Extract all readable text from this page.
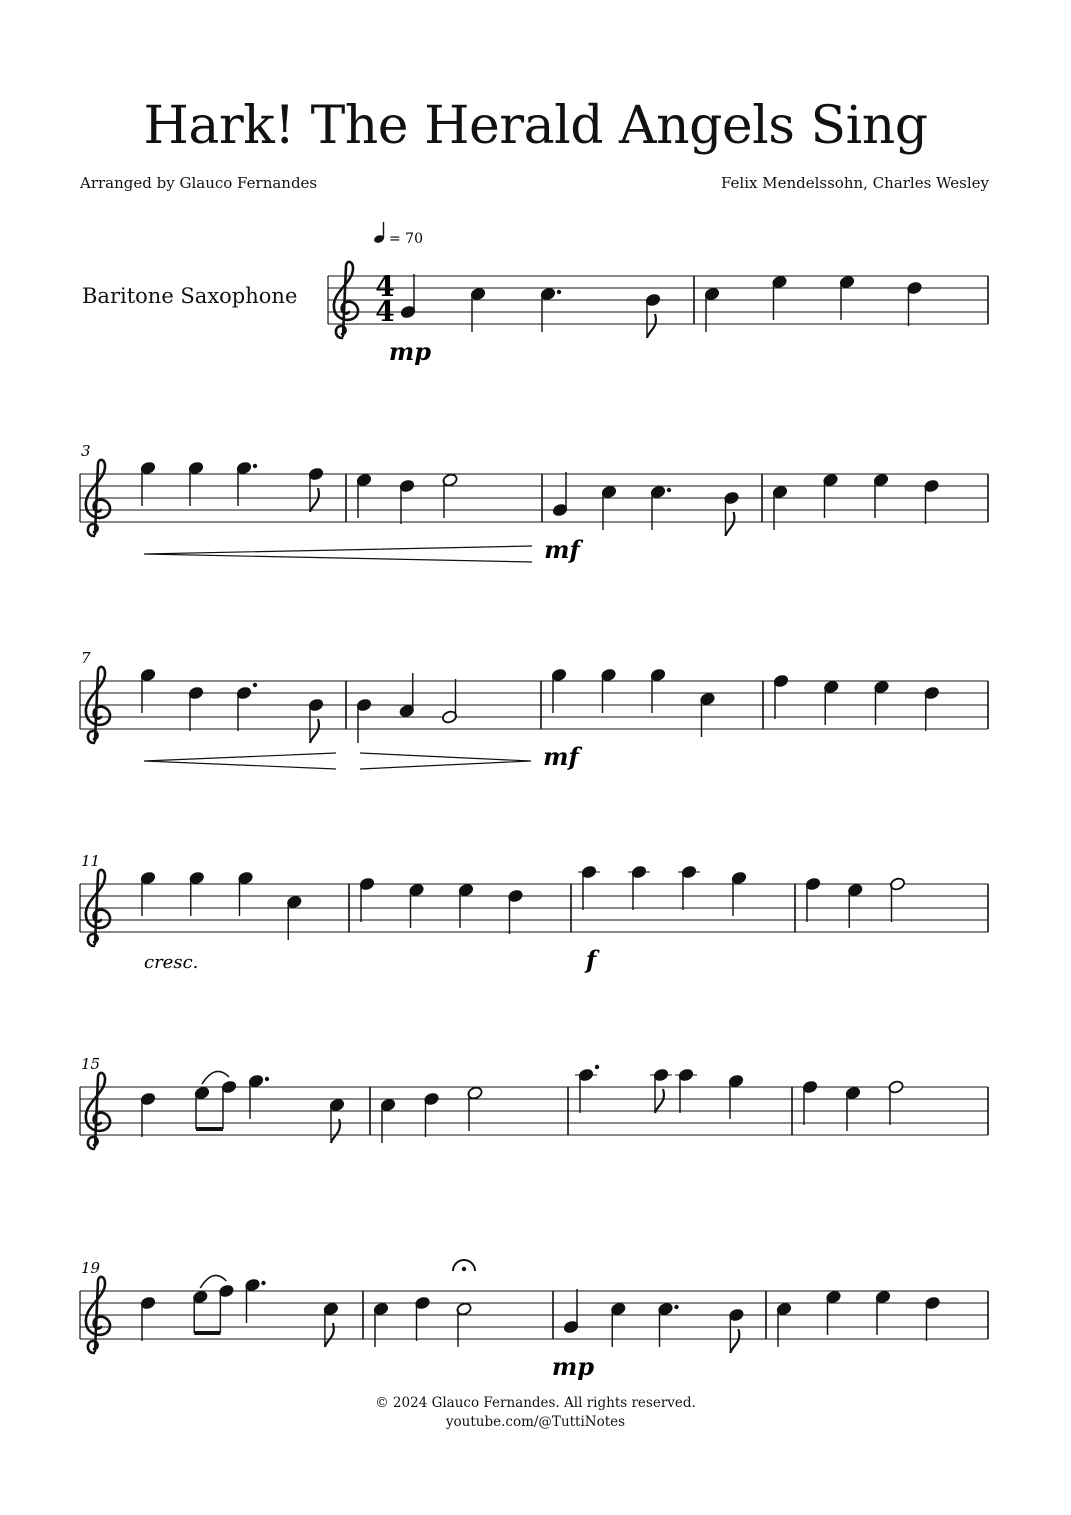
Hark! The Herald Angels Sing
Arranged by Glauco Fernandes	Felix Mendelssohn, Charles Wesley
Baritone Saxophone
= 70
4
4
3
7
11
15
19
mp
mf
mf
cresc.	f
mp
© 2024 Glauco Fernandes. All rights reserved.
youtube.com/@TuttiNotes
